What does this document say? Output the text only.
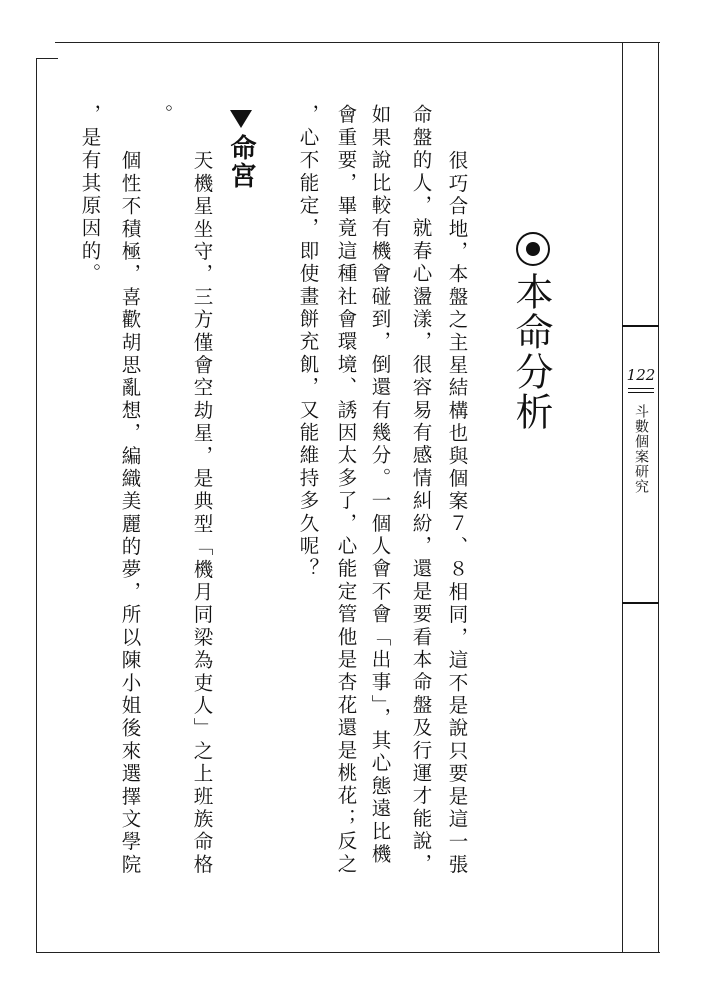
122
斗數個案研究
本命分析
很巧合地，本盤之主星結構也與個案７、８相同，這不是說只要是這一張
命盤的人，就春心盪漾，很容易有感情糾紛，還是要看本命盤及行運才能說，
如果說比較有機會碰到，倒還有幾分。一個人會不會「出事」，其心態遠比機
會重要，畢竟這種社會環境、誘因太多了，心能定管他是杏花還是桃花；反之
，心不能定，即使畫餅充飢，又能維持多久呢？
。
命宮
天機星坐守，三方僅會空劫星，是典型「機月同梁為吏人」之上班族命格
個性不積極，喜歡胡思亂想，編織美麗的夢，所以陳小姐後來選擇文學院
，是有其原因的。
